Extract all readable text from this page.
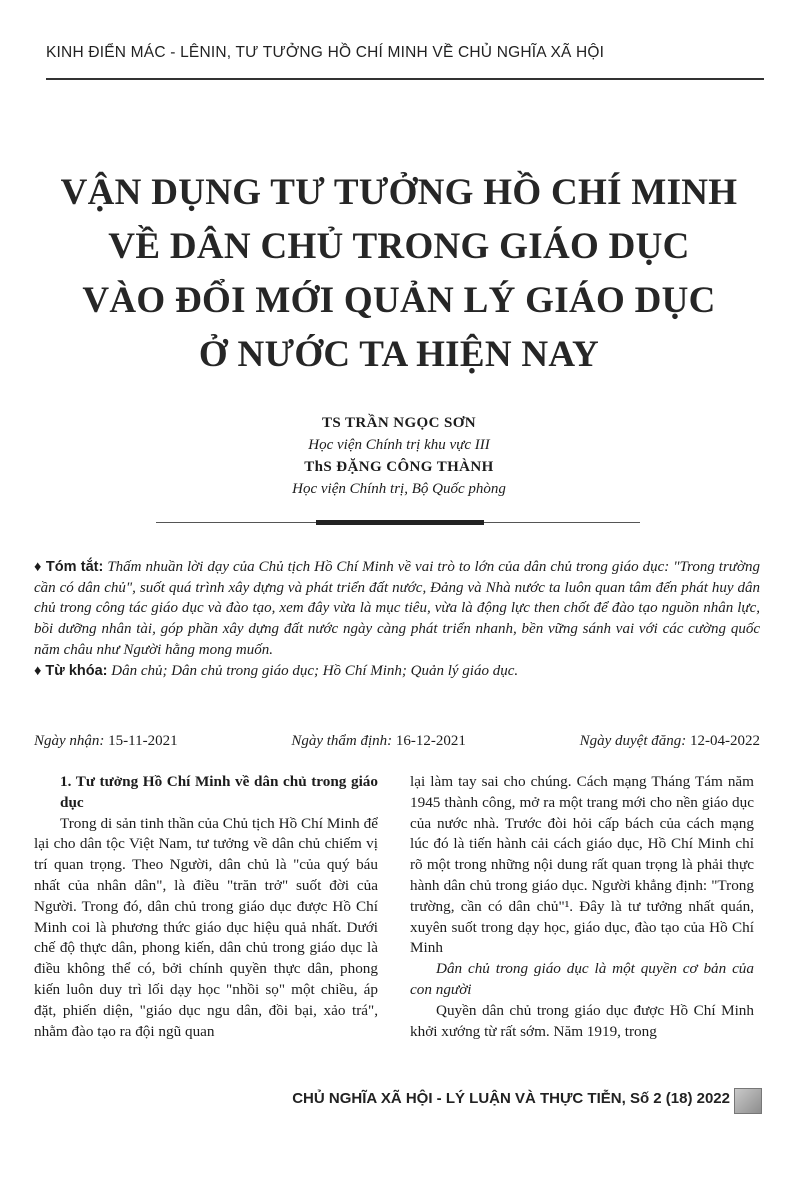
KINH ĐIỂN MÁC - LÊNIN, TƯ TƯỞNG HỒ CHÍ MINH VỀ CHỦ NGHĨA XÃ HỘI
VẬN DỤNG TƯ TƯỞNG HỒ CHÍ MINH
VỀ DÂN CHỦ TRONG GIÁO DỤC
VÀO ĐỔI MỚI QUẢN LÝ GIÁO DỤC
Ở NƯỚC TA HIỆN NAY
TS TRẦN NGỌC SƠN
Học viện Chính trị khu vực III
ThS ĐẶNG CÔNG THÀNH
Học viện Chính trị, Bộ Quốc phòng

♦ Tóm tắt: Thấm nhuần lời dạy của Chủ tịch Hồ Chí Minh về vai trò to lớn của dân chủ trong giáo dục: "Trong trường cần có dân chủ", suốt quá trình xây dựng và phát triển đất nước, Đảng và Nhà nước ta luôn quan tâm đến phát huy dân chủ trong công tác giáo dục và đào tạo, xem đây vừa là mục tiêu, vừa là động lực then chốt để đào tạo nguồn nhân lực, bồi dưỡng nhân tài, góp phần xây dựng đất nước ngày càng phát triển nhanh, bền vững sánh vai với các cường quốc năm châu như Người hằng mong muốn.

♦ Từ khóa: Dân chủ; Dân chủ trong giáo dục; Hồ Chí Minh; Quản lý giáo dục.

Ngày nhận: 15-11-2021	Ngày thẩm định: 16-12-2021	Ngày duyệt đăng: 12-04-2022

1. Tư tưởng Hồ Chí Minh về dân chủ trong giáo dục

Trong di sản tinh thần của Chủ tịch Hồ Chí Minh để lại cho dân tộc Việt Nam, tư tưởng về dân chủ chiếm vị trí quan trọng. Theo Người, dân chủ là "của quý báu nhất của nhân dân", là điều "trăn trở" suốt đời của Người. Trong đó, dân chủ trong giáo dục được Hồ Chí Minh coi là phương thức giáo dục hiệu quả nhất. Dưới chế độ thực dân, phong kiến, dân chủ trong giáo dục là điều không thể có, bởi chính quyền thực dân, phong kiến luôn duy trì lối dạy học "nhồi sọ" một chiều, áp đặt, phiến diện, "giáo dục ngu dân, đồi bại, xảo trá", nhằm đào tạo ra đội ngũ quan

lại làm tay sai cho chúng. Cách mạng Tháng Tám năm 1945 thành công, mở ra một trang mới cho nền giáo dục của nước nhà. Trước đòi hỏi cấp bách của cách mạng lúc đó là tiến hành cải cách giáo dục, Hồ Chí Minh chỉ rõ một trong những nội dung rất quan trọng là phải thực hành dân chủ trong giáo dục. Người khẳng định: "Trong trường, cần có dân chủ"¹. Đây là tư tưởng nhất quán, xuyên suốt trong dạy học, giáo dục, đào tạo của Hồ Chí Minh

Dân chủ trong giáo dục là một quyền cơ bản của con người

Quyền dân chủ trong giáo dục được Hồ Chí Minh khởi xướng từ rất sớm. Năm 1919, trong

CHỦ NGHĨA XÃ HỘI - LÝ LUẬN VÀ THỰC TIỄN, Số 2 (18) 2022
